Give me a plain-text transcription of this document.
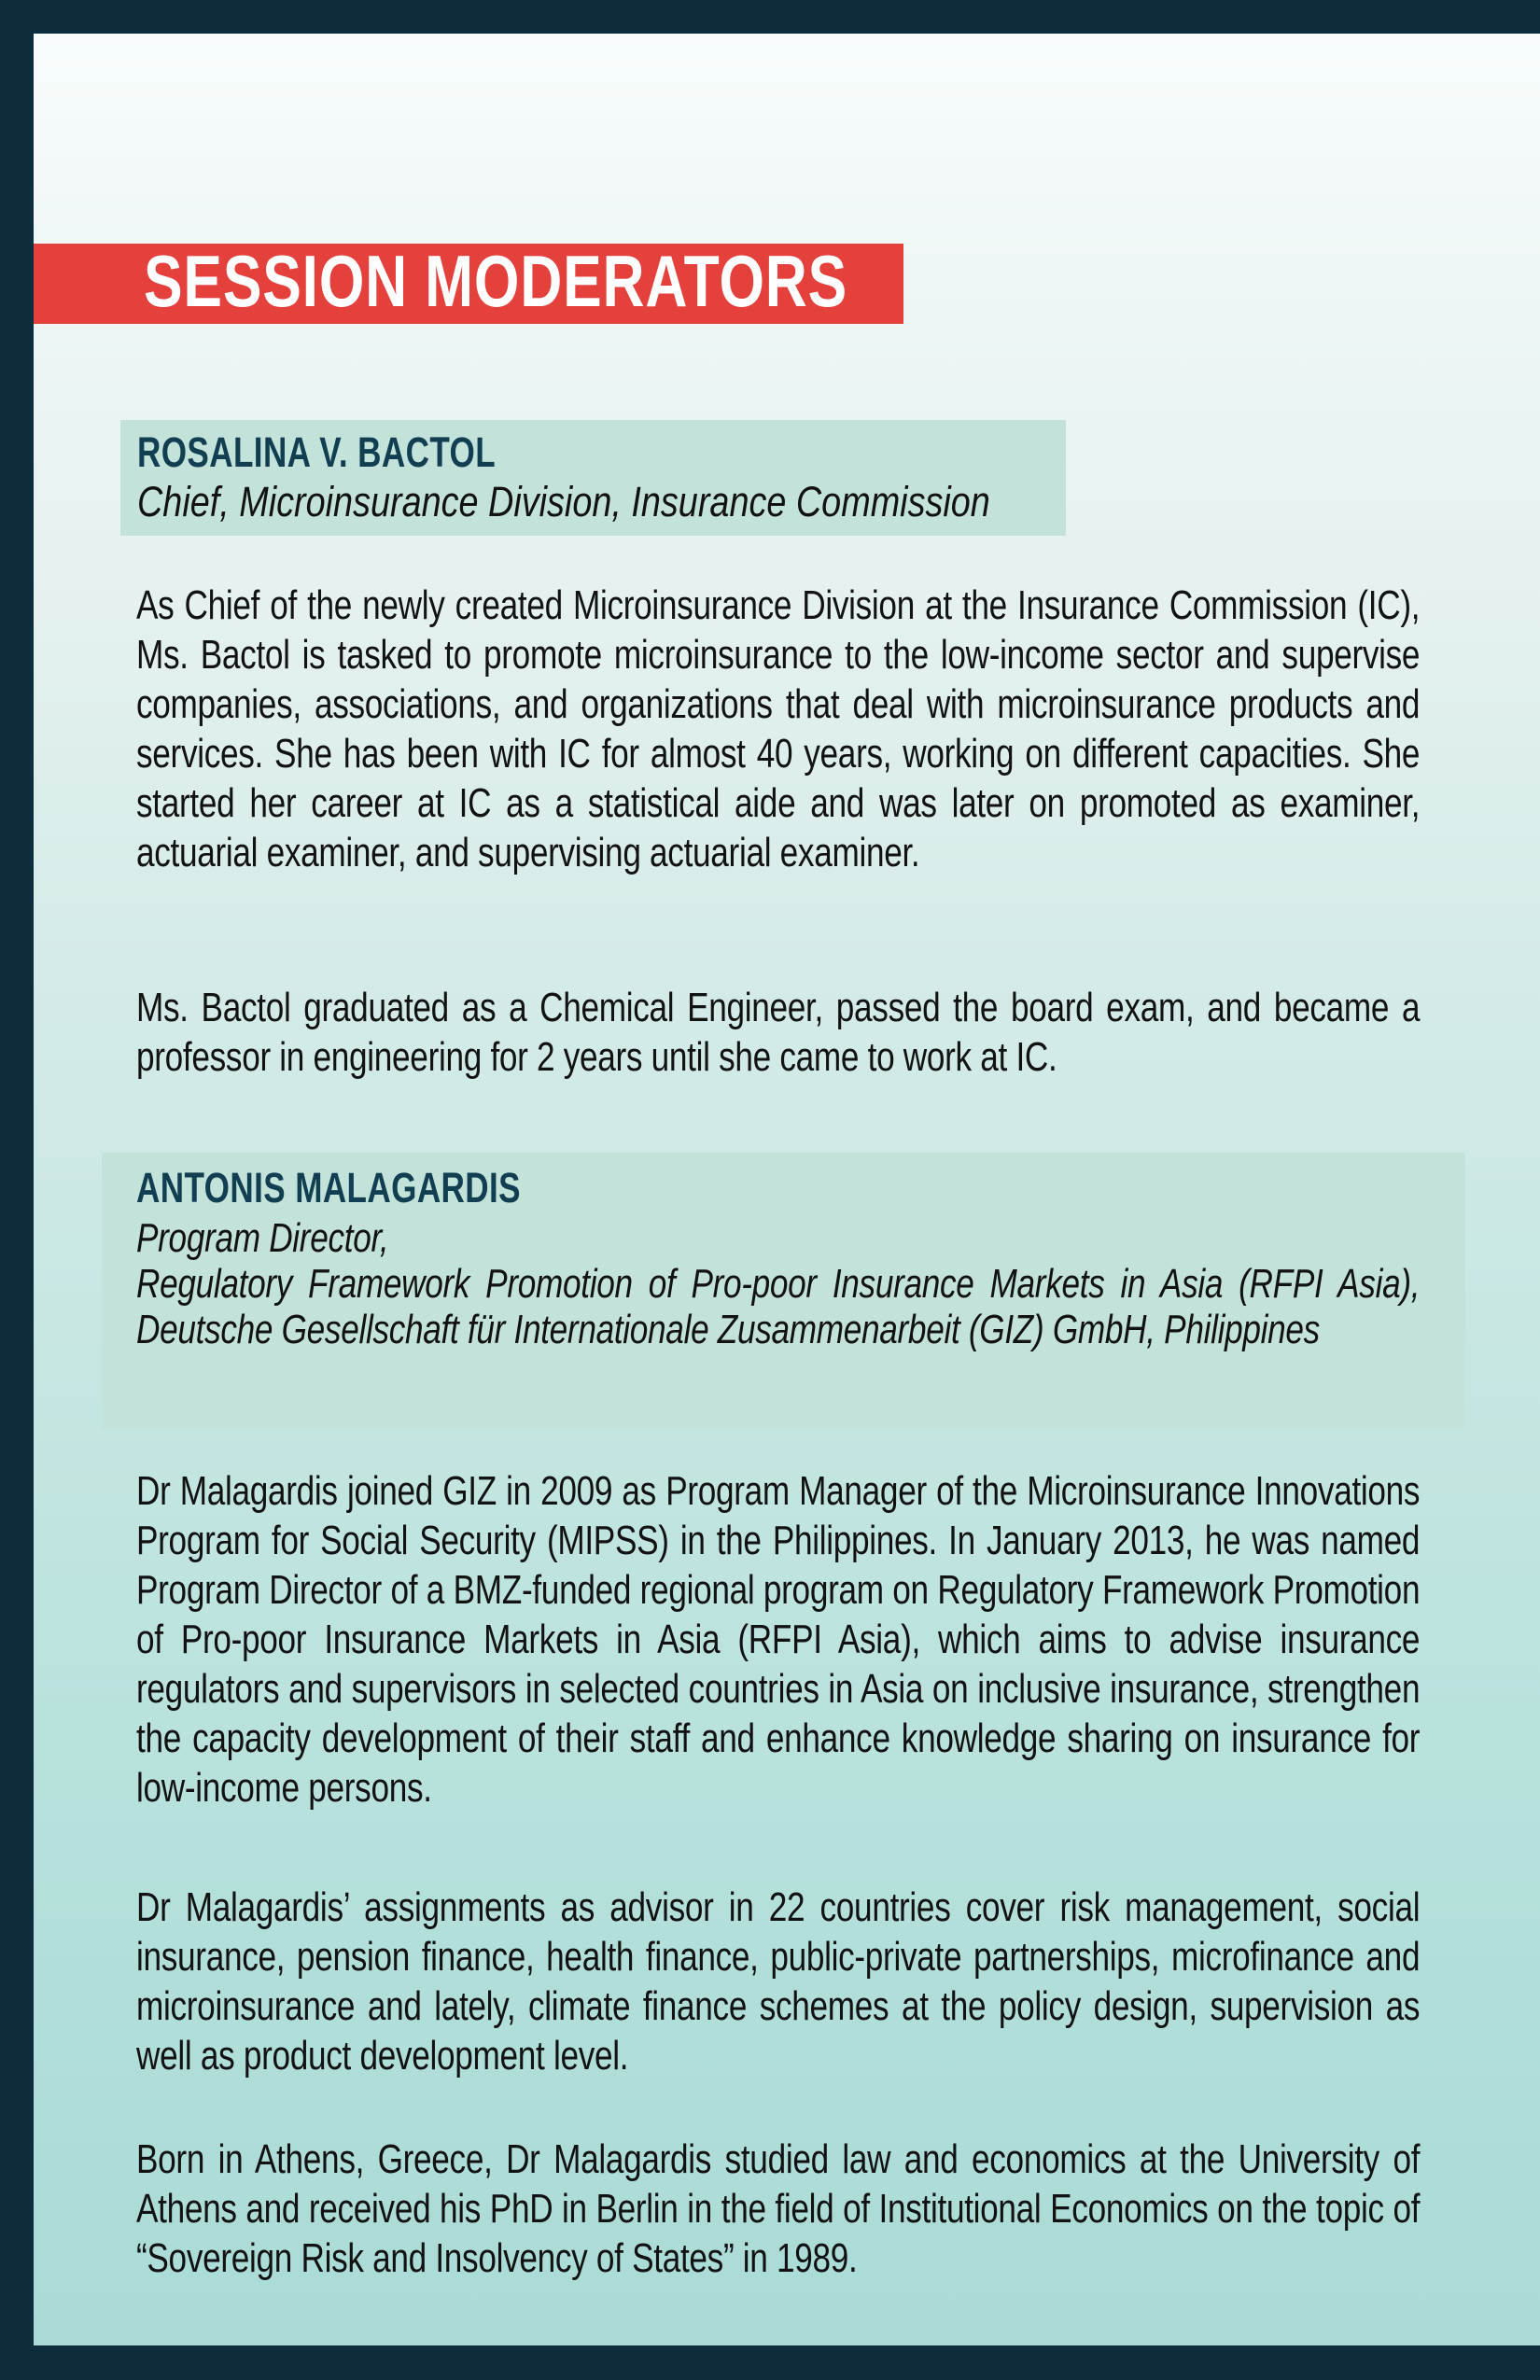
SESSION MODERATORS
ROSALINA V. BACTOL
Chief, Microinsurance Division, Insurance Commission

As Chief of the newly created Microinsurance Division at the Insurance Commission (IC), Ms. Bactol is tasked to promote microinsurance to the low-income sector and supervise companies, associations, and organizations that deal with microinsurance products and services. She has been with IC for almost 40 years, working on different capacities. She started her career at IC as a statistical aide and was later on promoted as examiner, actuarial examiner, and supervising actuarial examiner.

Ms. Bactol graduated as a Chemical Engineer, passed the board exam, and became a professor in engineering for 2 years until she came to work at IC.

ANTONIS MALAGARDIS
Program Director,
Regulatory Framework Promotion of Pro-poor Insurance Markets in Asia (RFPI Asia), Deutsche Gesellschaft für Internationale Zusammenarbeit (GIZ) GmbH, Philippines

Dr Malagardis joined GIZ in 2009 as Program Manager of the Microinsurance Innovations Program for Social Security (MIPSS) in the Philippines. In January 2013, he was named Program Director of a BMZ-funded regional program on Regulatory Framework Promotion of Pro-poor Insurance Markets in Asia (RFPI Asia), which aims to advise insurance regulators and supervisors in selected countries in Asia on inclusive insurance, strengthen the capacity development of their staff and enhance knowledge sharing on insurance for low-income persons.

Dr Malagardis’ assignments as advisor in 22 countries cover risk management, social insurance, pension finance, health finance, public-private partnerships, microfinance and microinsurance and lately, climate finance schemes at the policy design, supervision as well as product development level.

Born in Athens, Greece, Dr Malagardis studied law and economics at the University of Athens and received his PhD in Berlin in the field of Institutional Economics on the topic of “Sovereign Risk and Insolvency of States” in 1989.
